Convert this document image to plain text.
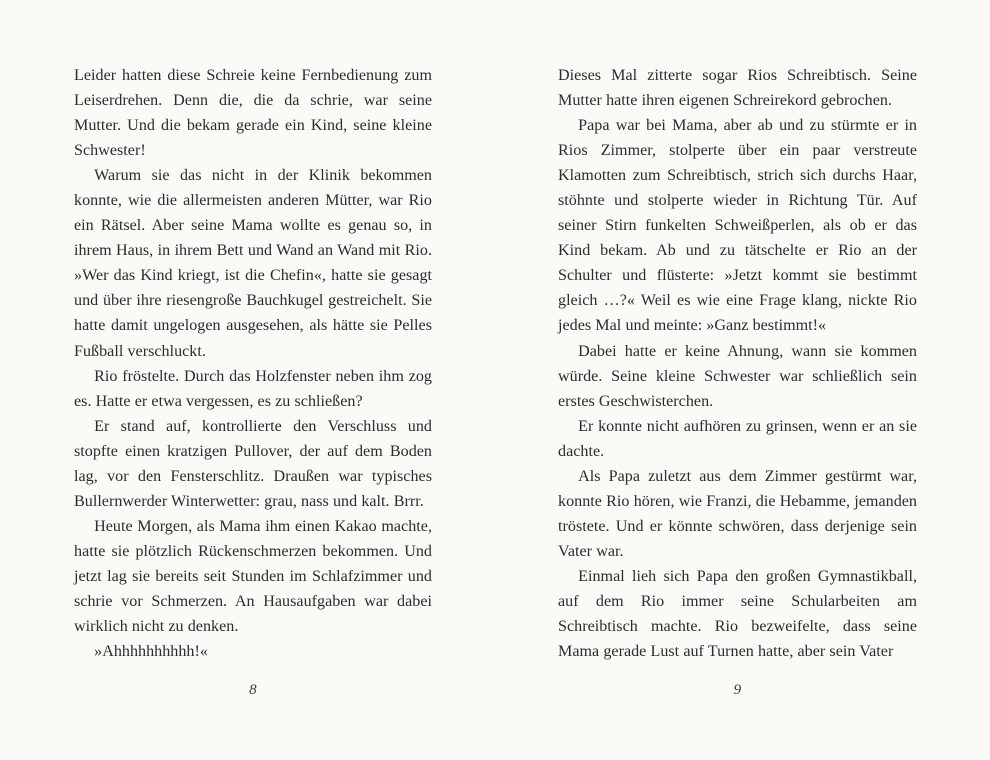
Leider hatten diese Schreie keine Fernbedienung zum Leiserdrehen. Denn die, die da schrie, war seine Mutter. Und die bekam gerade ein Kind, seine kleine Schwester!

Warum sie das nicht in der Klinik bekommen konnte, wie die allermeisten anderen Mütter, war Rio ein Rätsel. Aber seine Mama wollte es genau so, in ihrem Haus, in ihrem Bett und Wand an Wand mit Rio. »Wer das Kind kriegt, ist die Chefin«, hatte sie gesagt und über ihre riesengroße Bauchkugel gestreichelt. Sie hatte damit ungelogen ausgesehen, als hätte sie Pelles Fußball verschluckt.

Rio fröstelte. Durch das Holzfenster neben ihm zog es. Hatte er etwa vergessen, es zu schließen?

Er stand auf, kontrollierte den Verschluss und stopfte einen kratzigen Pullover, der auf dem Boden lag, vor den Fensterschlitz. Draußen war typisches Bullernwerder Winterwetter: grau, nass und kalt. Brrr.

Heute Morgen, als Mama ihm einen Kakao machte, hatte sie plötzlich Rückenschmerzen bekommen. Und jetzt lag sie bereits seit Stunden im Schlafzimmer und schrie vor Schmerzen. An Hausaufgaben war dabei wirklich nicht zu denken.

»Ahhhhhhhhhh!«

8

Dieses Mal zitterte sogar Rios Schreibtisch. Seine Mutter hatte ihren eigenen Schreirekord gebrochen.

Papa war bei Mama, aber ab und zu stürmte er in Rios Zimmer, stolperte über ein paar verstreute Klamotten zum Schreibtisch, strich sich durchs Haar, stöhnte und stolperte wieder in Richtung Tür. Auf seiner Stirn funkelten Schweißperlen, als ob er das Kind bekam. Ab und zu tätschelte er Rio an der Schulter und flüsterte: »Jetzt kommt sie bestimmt gleich …?« Weil es wie eine Frage klang, nickte Rio jedes Mal und meinte: »Ganz bestimmt!«

Dabei hatte er keine Ahnung, wann sie kommen würde. Seine kleine Schwester war schließlich sein erstes Geschwisterchen.

Er konnte nicht aufhören zu grinsen, wenn er an sie dachte.

Als Papa zuletzt aus dem Zimmer gestürmt war, konnte Rio hören, wie Franzi, die Hebamme, jemanden tröstete. Und er könnte schwören, dass derjenige sein Vater war.

Einmal lieh sich Papa den großen Gymnastikball, auf dem Rio immer seine Schularbeiten am Schreibtisch machte. Rio bezweifelte, dass seine Mama gerade Lust auf Turnen hatte, aber sein Vater

9
